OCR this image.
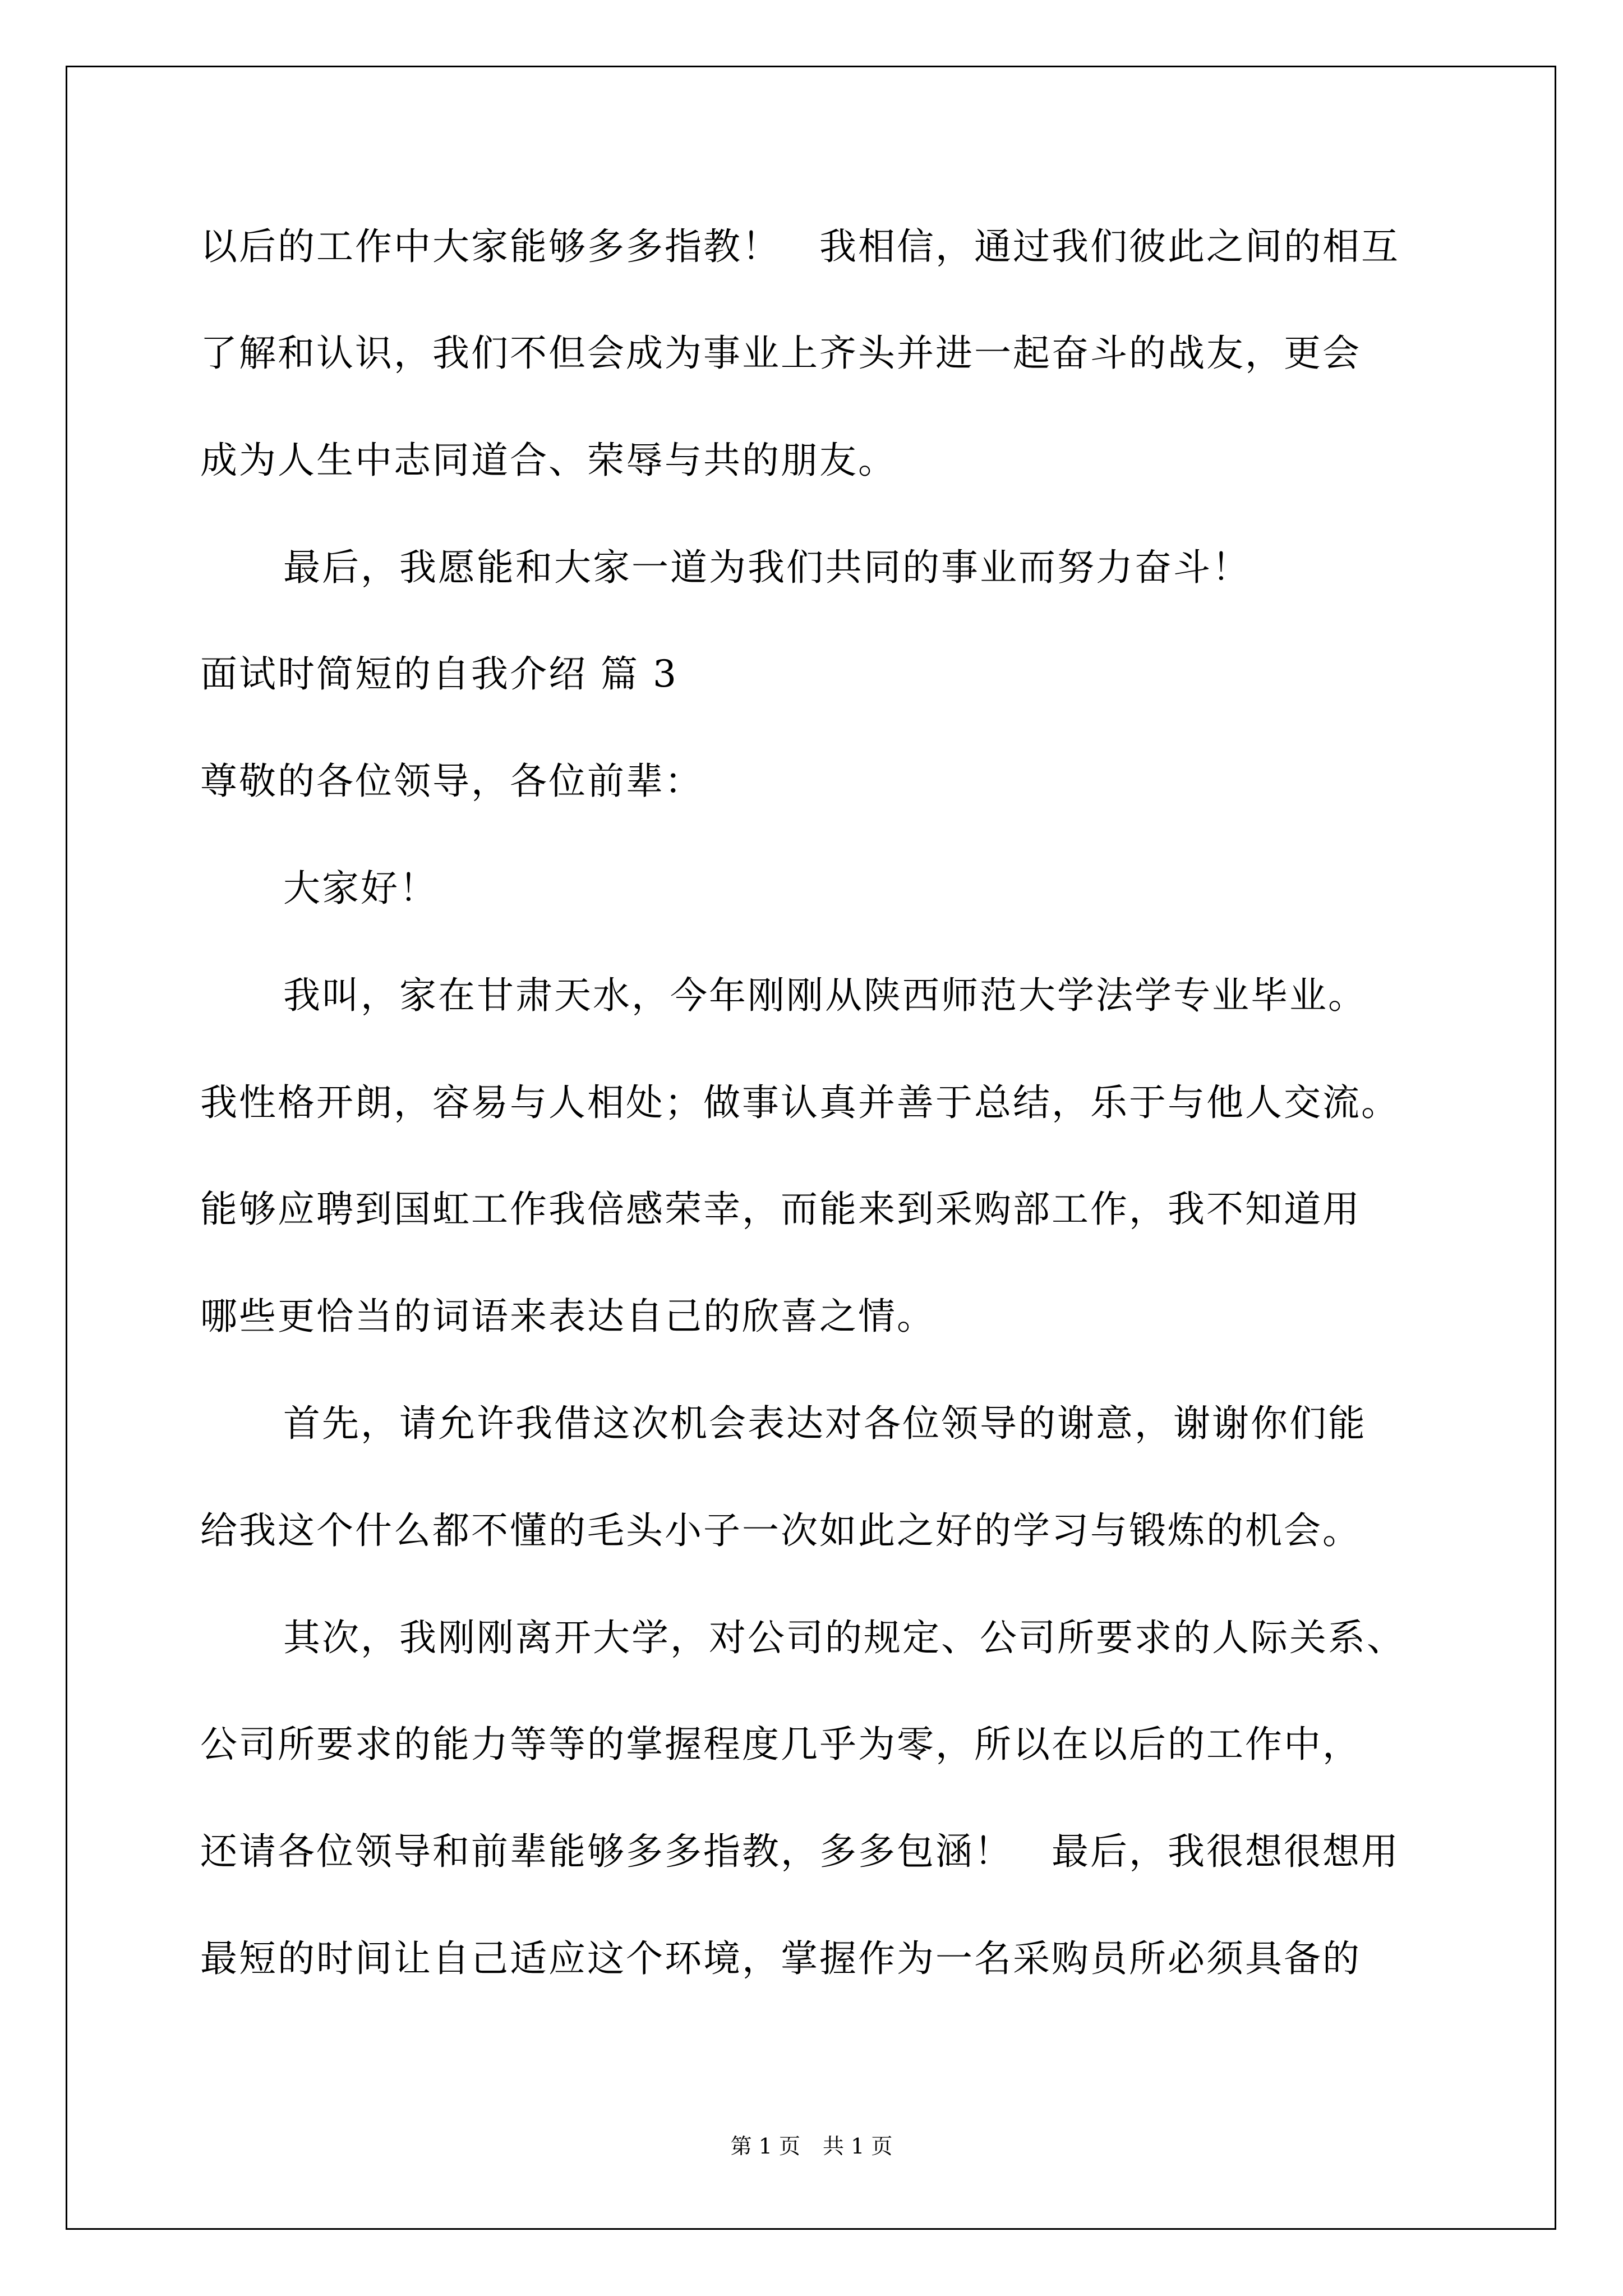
以后的工作中大家能够多多指教！　我相信，通过我们彼此之间的相互
了解和认识，我们不但会成为事业上齐头并进一起奋斗的战友，更会
成为人生中志同道合、荣辱与共的朋友。
最后，我愿能和大家一道为我们共同的事业而努力奋斗！
面试时简短的自我介绍 篇 3
尊敬的各位领导，各位前辈：
大家好！
我叫，家在甘肃天水，今年刚刚从陕西师范大学法学专业毕业。
我性格开朗，容易与人相处；做事认真并善于总结，乐于与他人交流。
能够应聘到国虹工作我倍感荣幸，而能来到采购部工作，我不知道用
哪些更恰当的词语来表达自己的欣喜之情。
首先，请允许我借这次机会表达对各位领导的谢意，谢谢你们能
给我这个什么都不懂的毛头小子一次如此之好的学习与锻炼的机会。
其次，我刚刚离开大学，对公司的规定、公司所要求的人际关系、
公司所要求的能力等等的掌握程度几乎为零，所以在以后的工作中，
还请各位领导和前辈能够多多指教，多多包涵！　最后，我很想很想用
最短的时间让自己适应这个环境，掌握作为一名采购员所必须具备的
第 1 页 共 1 页
